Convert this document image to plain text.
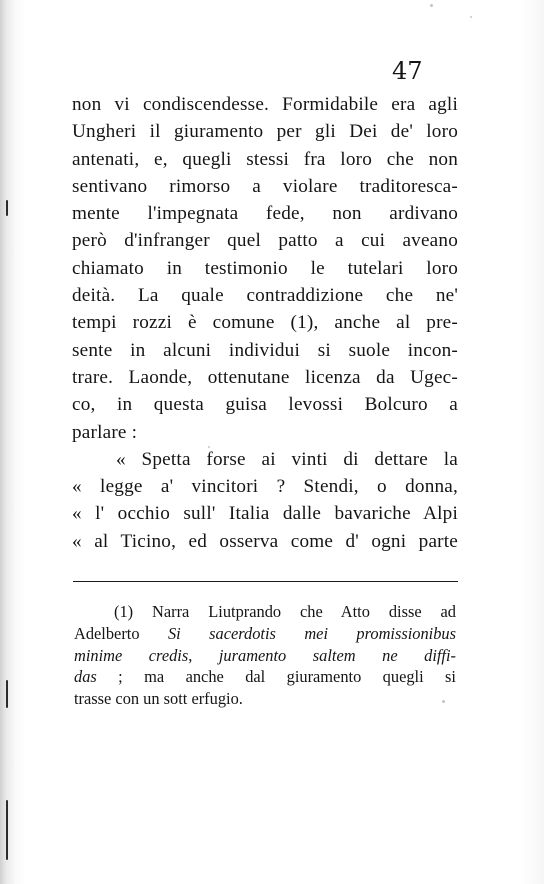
47
non vi condiscendesse. Formidabile era agli
Ungheri il giuramento per gli Dei de' loro
antenati, e, quegli stessi fra loro che non
sentivano rimorso a violare traditoresca-
mente l'impegnata fede, non ardivano
però d'infranger quel patto a cui aveano
chiamato in testimonio le tutelari loro
deità. La quale contraddizione che ne'
tempi rozzi è comune (1), anche al pre-
sente in alcuni individui si suole incon-
trare. Laonde, ottenutane licenza da Ugec-
co, in questa guisa levossi Bolcuro a
parlare :
« Spetta forse ai vinti di dettare la
« legge a' vincitori ? Stendi, o donna,
« l' occhio sull' Italia dalle bavariche Alpi
« al Ticino, ed osserva come d' ogni parte
(1) Narra Liutprando che Atto disse ad
Adelberto Si sacerdotis mei promissionibus
minime credis, juramento saltem ne diffi-
das ; ma anche dal giuramento quegli si
trasse con un sott erfugio.
